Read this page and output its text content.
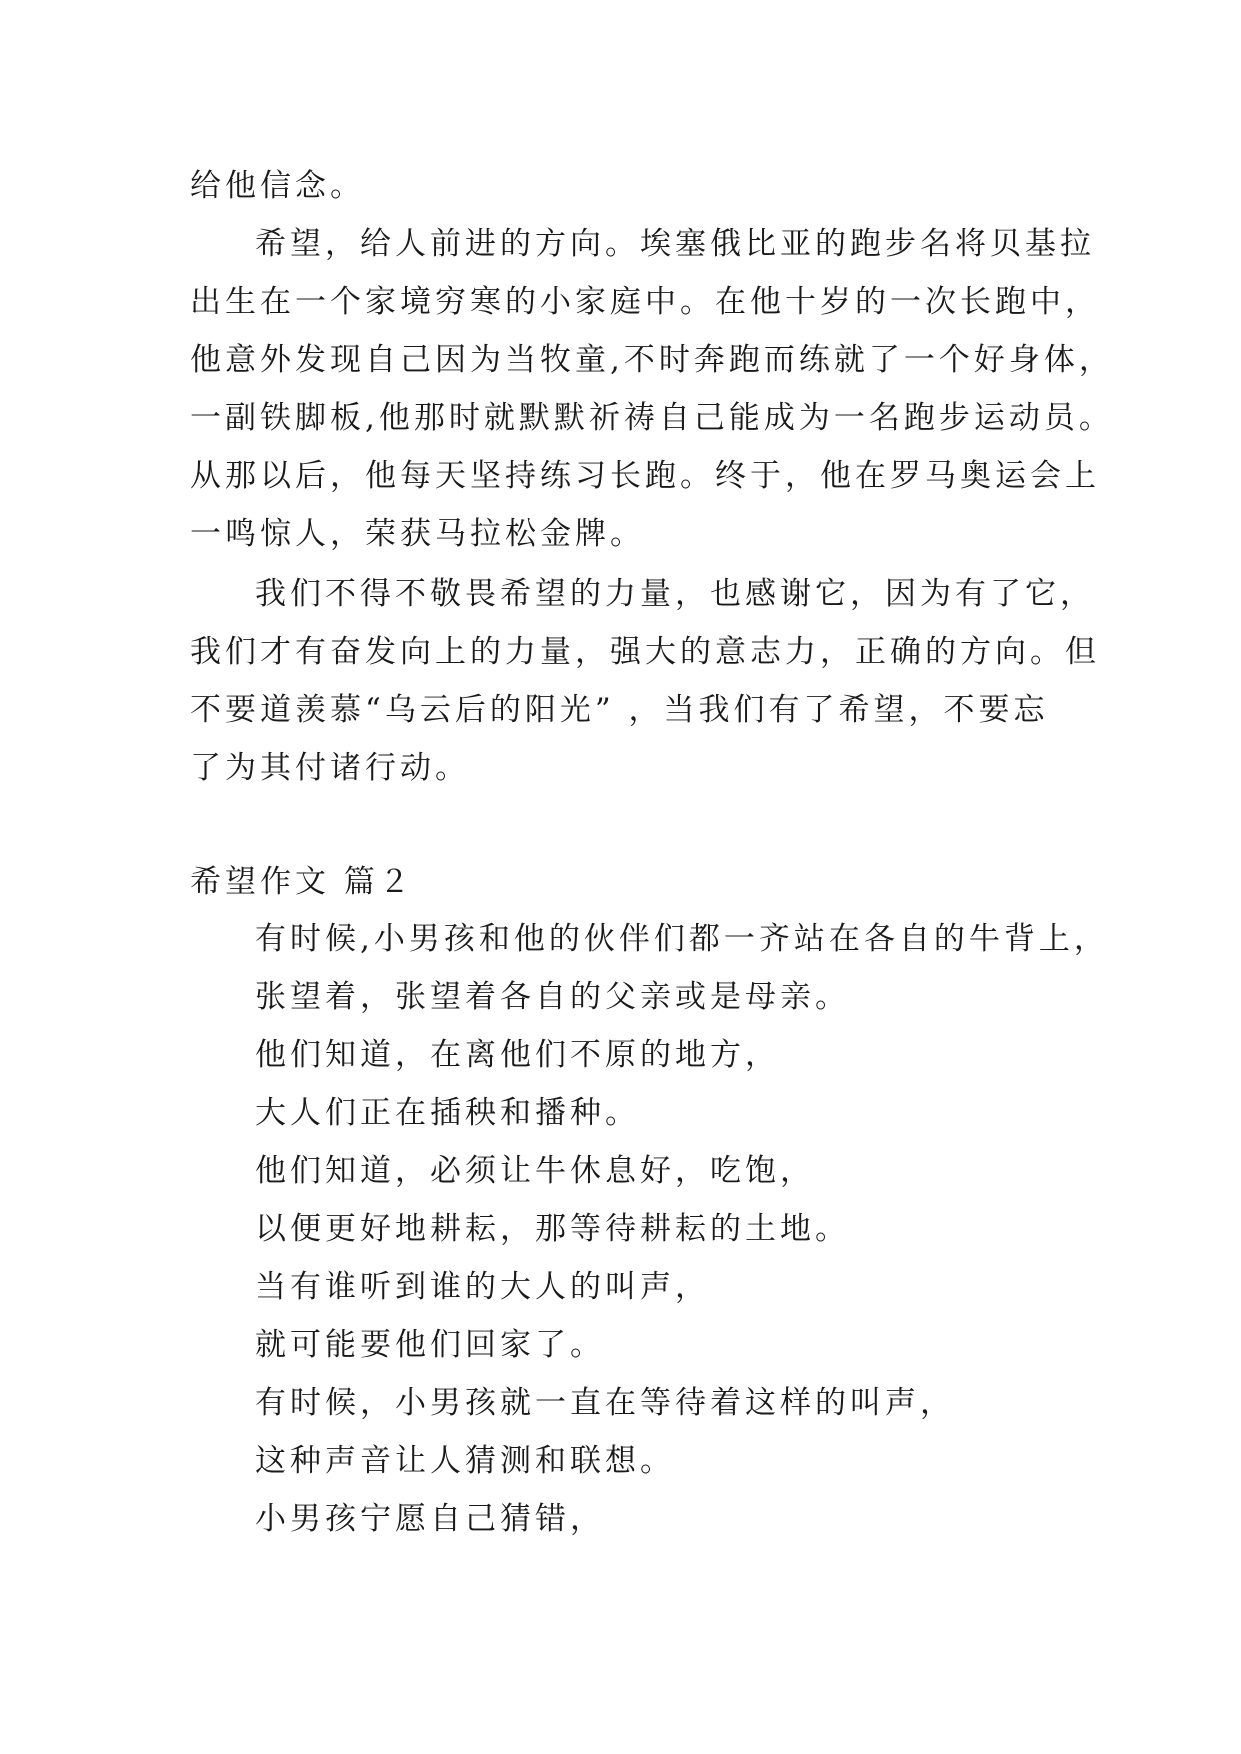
给他信念。
希望，给人前进的方向。埃塞俄比亚的跑步名将贝基拉
出生在一个家境穷寒的小家庭中。在他十岁的一次长跑中，
他意外发现自己因为当牧童,不时奔跑而练就了一个好身体，
一副铁脚板,他那时就默默祈祷自己能成为一名跑步运动员。
从那以后，他每天坚持练习长跑。终于，他在罗马奥运会上
一鸣惊人，荣获马拉松金牌。
我们不得不敬畏希望的力量，也感谢它，因为有了它，
我们才有奋发向上的力量，强大的意志力，正确的方向。但
不要道羡慕“乌云后的阳光” ，当我们有了希望，不要忘
了为其付诸行动。
希望作文 篇２
有时候,小男孩和他的伙伴们都一齐站在各自的牛背上，
张望着，张望着各自的父亲或是母亲。
他们知道，在离他们不原的地方，
大人们正在插秧和播种。
他们知道，必须让牛休息好，吃饱，
以便更好地耕耘，那等待耕耘的土地。
当有谁听到谁的大人的叫声，
就可能要他们回家了。
有时候，小男孩就一直在等待着这样的叫声，
这种声音让人猜测和联想。
小男孩宁愿自己猜错，
